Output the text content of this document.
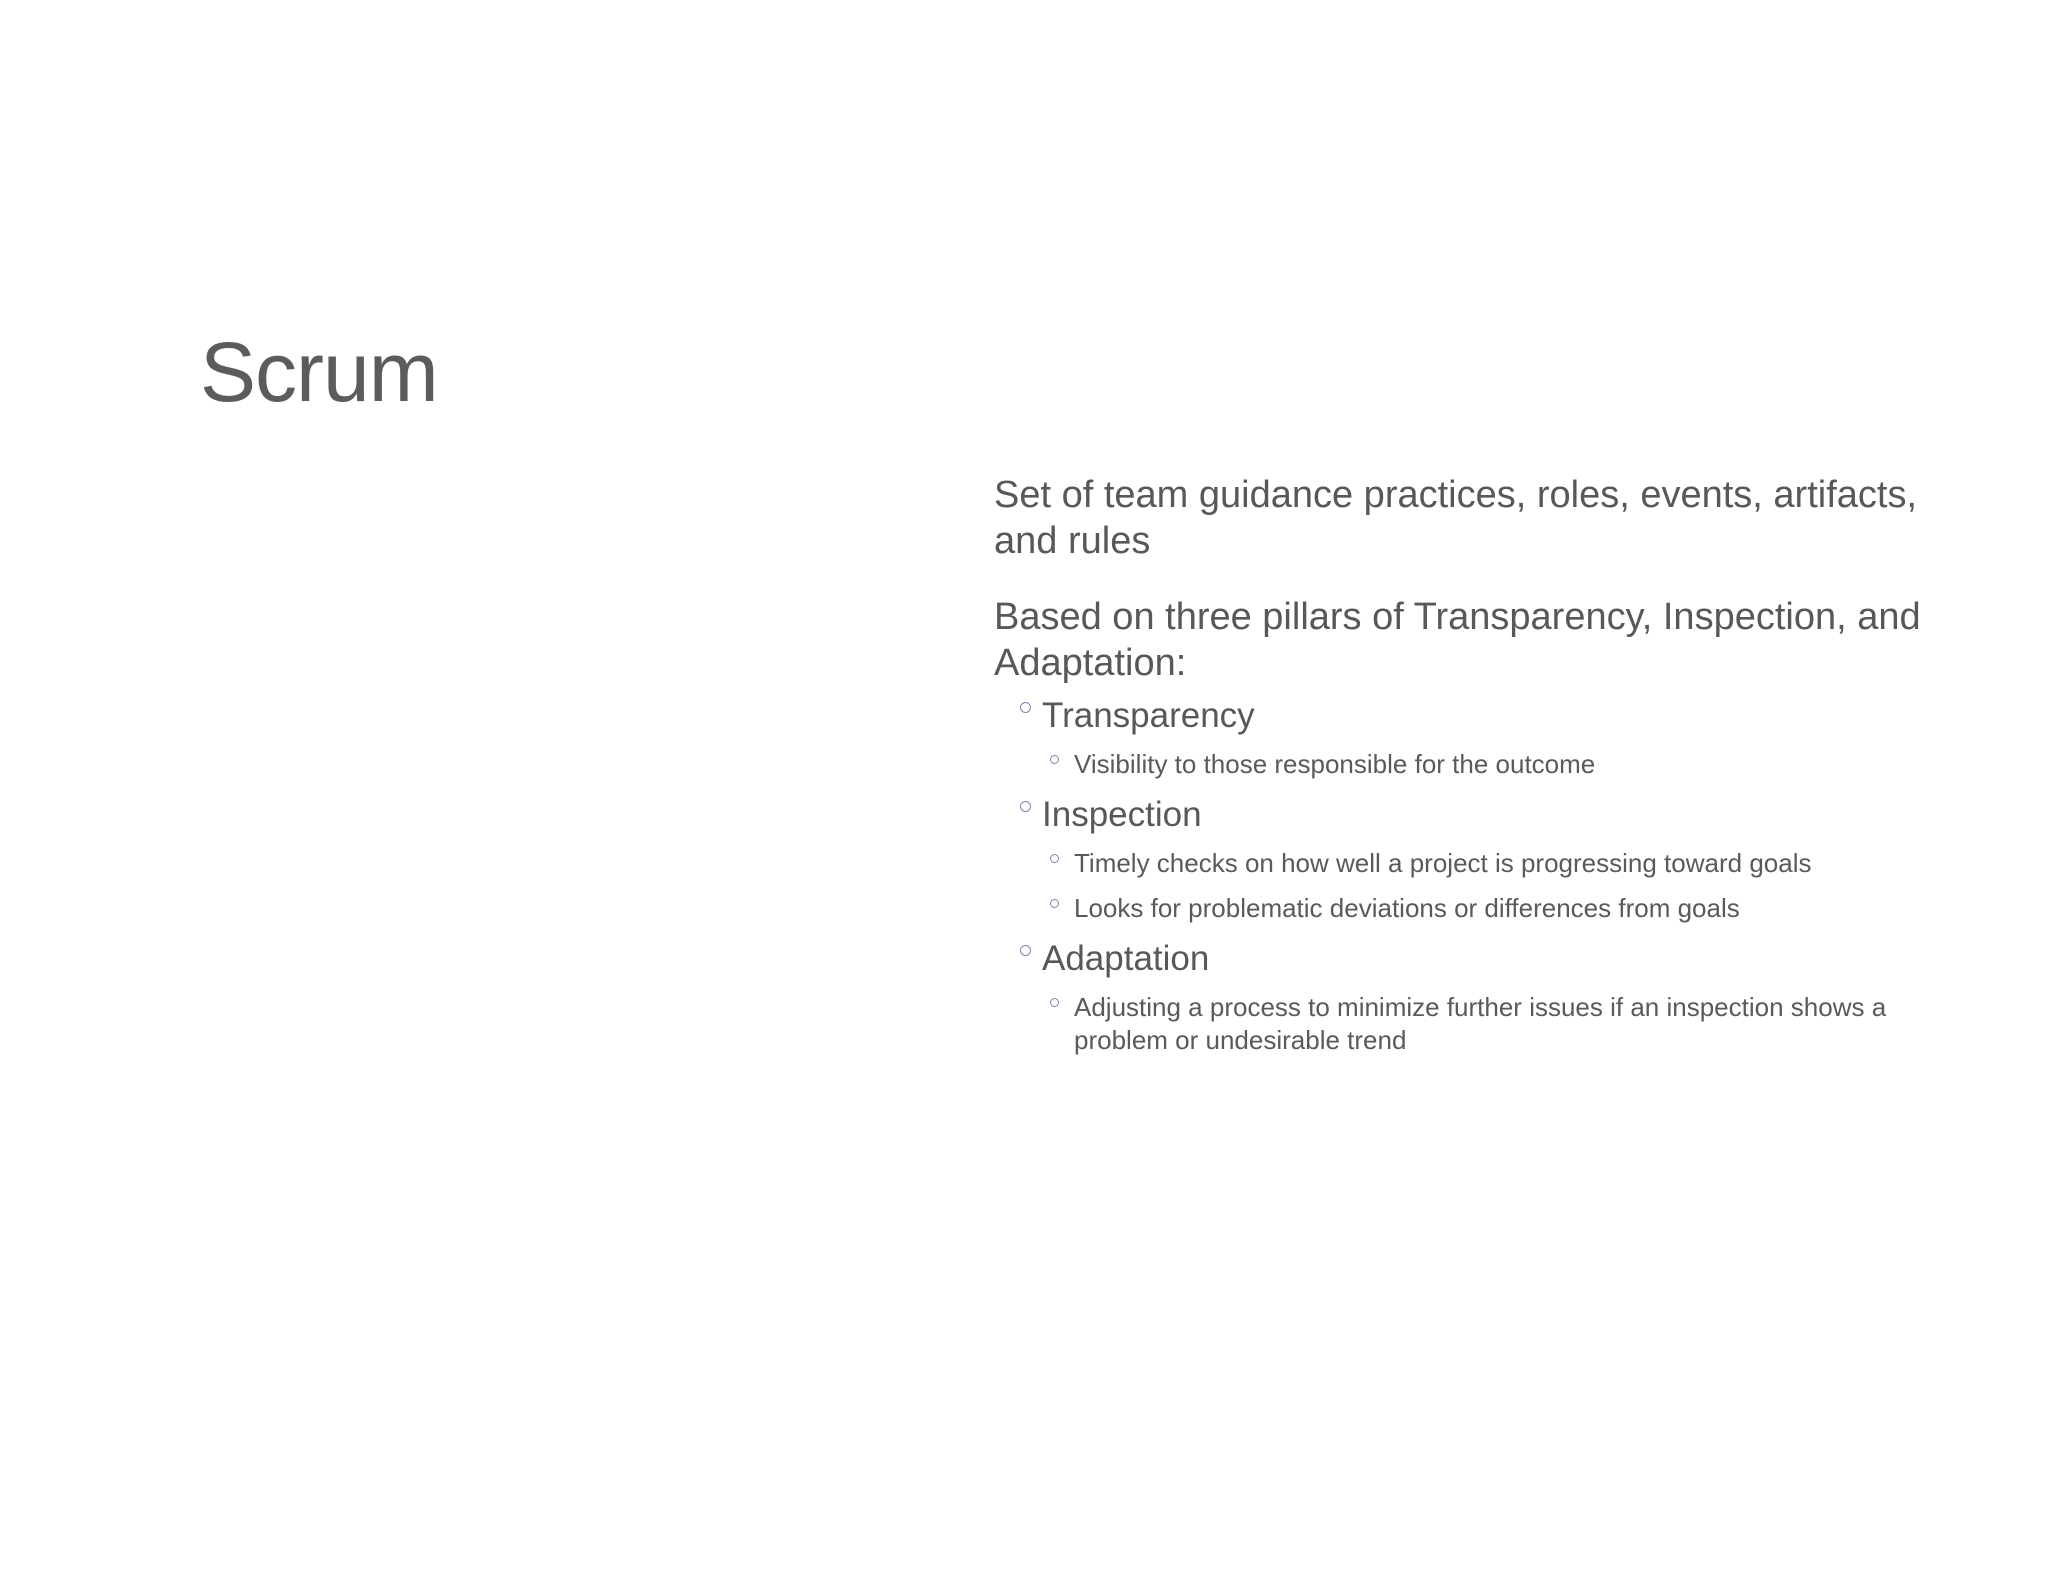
Scrum

Set of team guidance practices, roles, events, artifacts, and rules

Based on three pillars of Transparency, Inspection, and Adaptation:

Transparency
Visibility to those responsible for the outcome
Inspection
Timely checks on how well a project is progressing toward goals
Looks for problematic deviations or differences from goals
Adaptation
Adjusting a process to minimize further issues if an inspection shows a problem or undesirable trend
